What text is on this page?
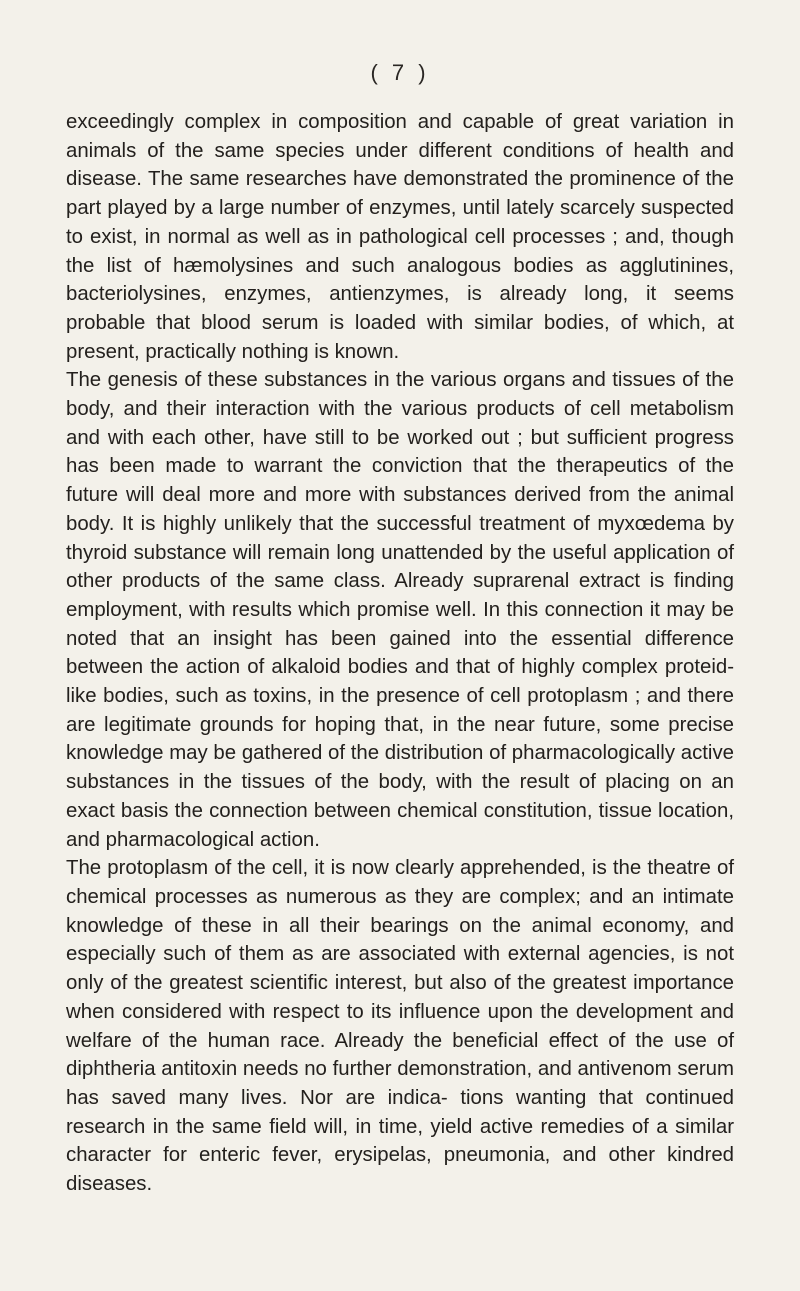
( 7 )

exceedingly complex in composition and capable of great variation in animals of the same species under different conditions of health and disease. The same researches have demonstrated the prominence of the part played by a large number of enzymes, until lately scarcely suspected to exist, in normal as well as in pathological cell processes ; and, though the list of hæmolysines and such analogous bodies as agglutinines, bacteriolysines, enzymes, antienzymes, is already long, it seems probable that blood serum is loaded with similar bodies, of which, at present, practically nothing is known.

The genesis of these substances in the various organs and tissues of the body, and their interaction with the various products of cell metabolism and with each other, have still to be worked out ; but sufficient progress has been made to warrant the conviction that the therapeutics of the future will deal more and more with substances derived from the animal body. It is highly unlikely that the successful treatment of myxœdema by thyroid substance will remain long unattended by the useful application of other products of the same class. Already suprarenal extract is finding employment, with results which promise well. In this connection it may be noted that an insight has been gained into the essential difference between the action of alkaloid bodies and that of highly complex proteid-like bodies, such as toxins, in the presence of cell protoplasm ; and there are legitimate grounds for hoping that, in the near future, some precise knowledge may be gathered of the distribution of pharmacologically active substances in the tissues of the body, with the result of placing on an exact basis the connection between chemical constitution, tissue location, and pharmacological action.

The protoplasm of the cell, it is now clearly apprehended, is the theatre of chemical processes as numerous as they are complex; and an intimate knowledge of these in all their bearings on the animal economy, and especially such of them as are associated with external agencies, is not only of the greatest scientific interest, but also of the greatest importance when considered with respect to its influence upon the development and welfare of the human race. Already the beneficial effect of the use of diphtheria antitoxin needs no further demonstration, and antivenom serum has saved many lives. Nor are indica- tions wanting that continued research in the same field will, in time, yield active remedies of a similar character for enteric fever, erysipelas, pneumonia, and other kindred diseases.
